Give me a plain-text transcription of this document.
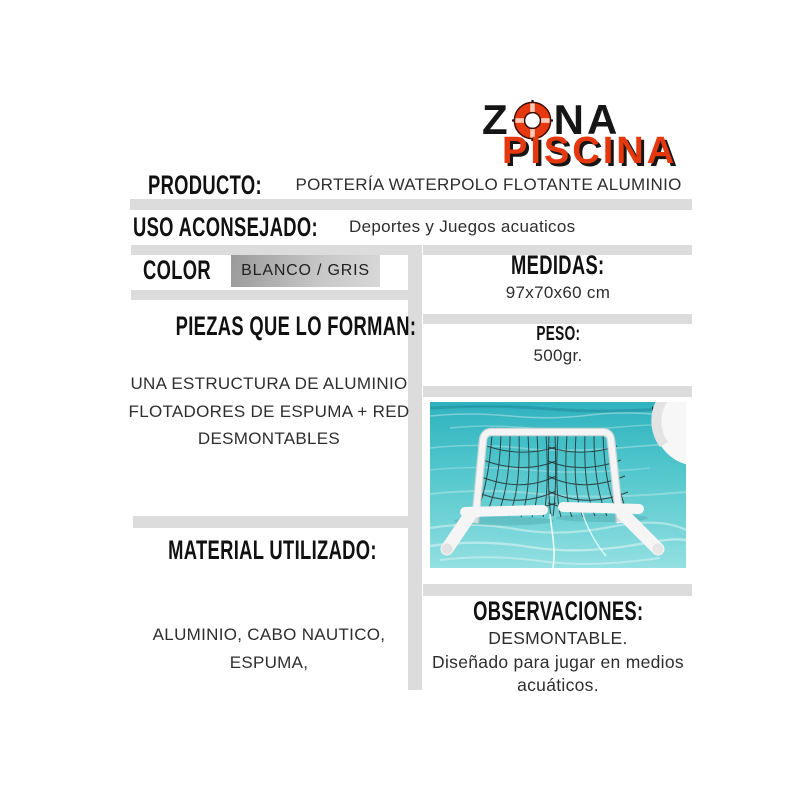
Z NA
PISCINA
PRODUCTO: PORTERÍA WATERPOLO FLOTANTE ALUMINIO
USO ACONSEJADO: Deportes y Juegos acuaticos
COLOR	BLANCO / GRIS
PIEZAS QUE LO FORMAN:
UNA ESTRUCTURA DE ALUMINIO
FLOTADORES DE ESPUMA + RED
DESMONTABLES
MATERIAL UTILIZADO:
ALUMINIO, CABO NAUTICO,
ESPUMA,
MEDIDAS:
97x70x60 cm
PESO:
500gr.
OBSERVACIONES:
DESMONTABLE.
Diseñado para jugar en medios
acuáticos.
